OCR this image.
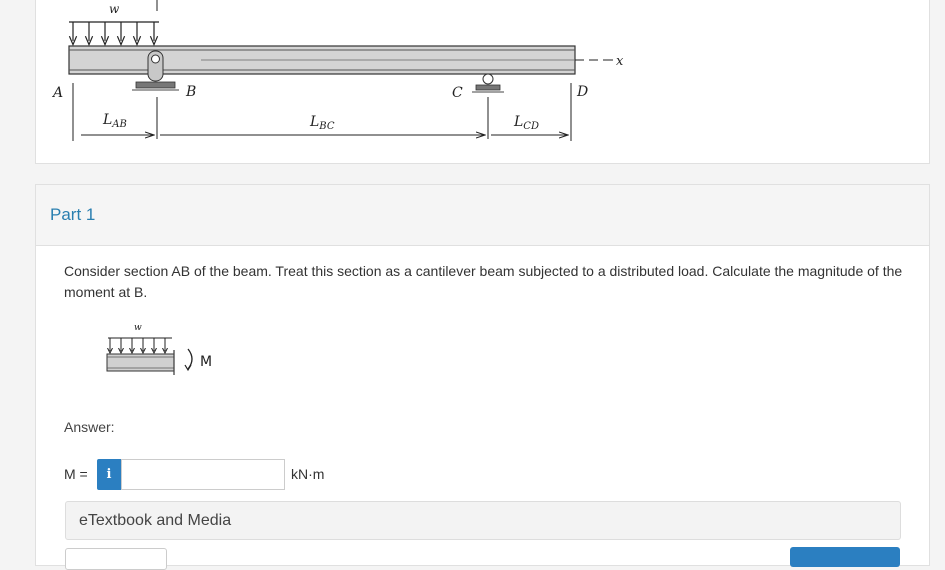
w
x
A	B	C	D
$L_{AB}$	$L_{BC}$	$L_{CD}$
Part 1
Consider section AB of the beam. Treat this section as a cantilever beam subjected to a distributed load. Calculate the magnitude of the moment at B.
w
M
Answer:
M =	i	kN·m
eTextbook and Media
